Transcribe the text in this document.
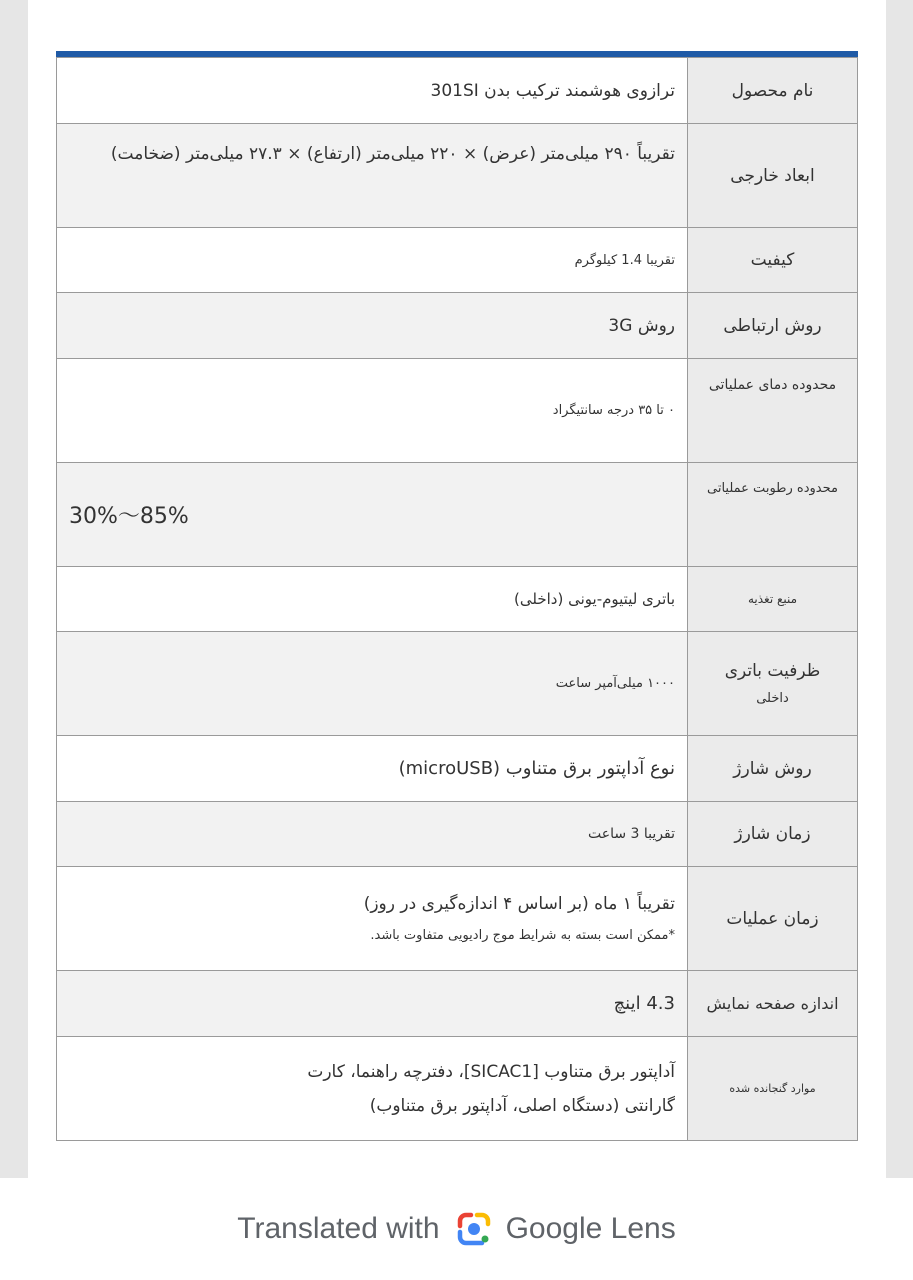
ترازوی هوشمند ترکیب بدن 301SI	نام محصول

تقریباً ۲۹۰ میلی‌متر (عرض) × ۲۲۰ میلی‌متر (ارتفاع) × ۲۷.۳ میلی‌متر (ضخامت)	ابعاد خارجی

تقریبا 1.4 کیلوگرم	کیفیت

روش 3G	روش ارتباطی

۰ تا ۳۵ درجه سانتیگراد	محدوده دمای عملیاتی

30%〜85%	محدوده رطوبت عملیاتی

باتری لیتیوم-یونی (داخلی)	منبع تغذیه

۱۰۰۰ میلی‌آمپر ساعت	ظرفیت باتری
داخلی

نوع آداپتور برق متناوب (microUSB)	روش شارژ

تقریبا 3 ساعت	زمان شارژ

تقریباً ۱ ماه (بر اساس ۴ اندازه‌گیری در روز)
*ممکن است بسته به شرایط موج رادیویی متفاوت باشد.	زمان عملیات

4.3 اینچ	اندازه صفحه نمایش

آداپتور برق متناوب [SICAC1]، دفترچه راهنما، کارت
گارانتی (دستگاه اصلی، آداپتور برق متناوب)	موارد گنجانده شده
Translated with Google Lens
